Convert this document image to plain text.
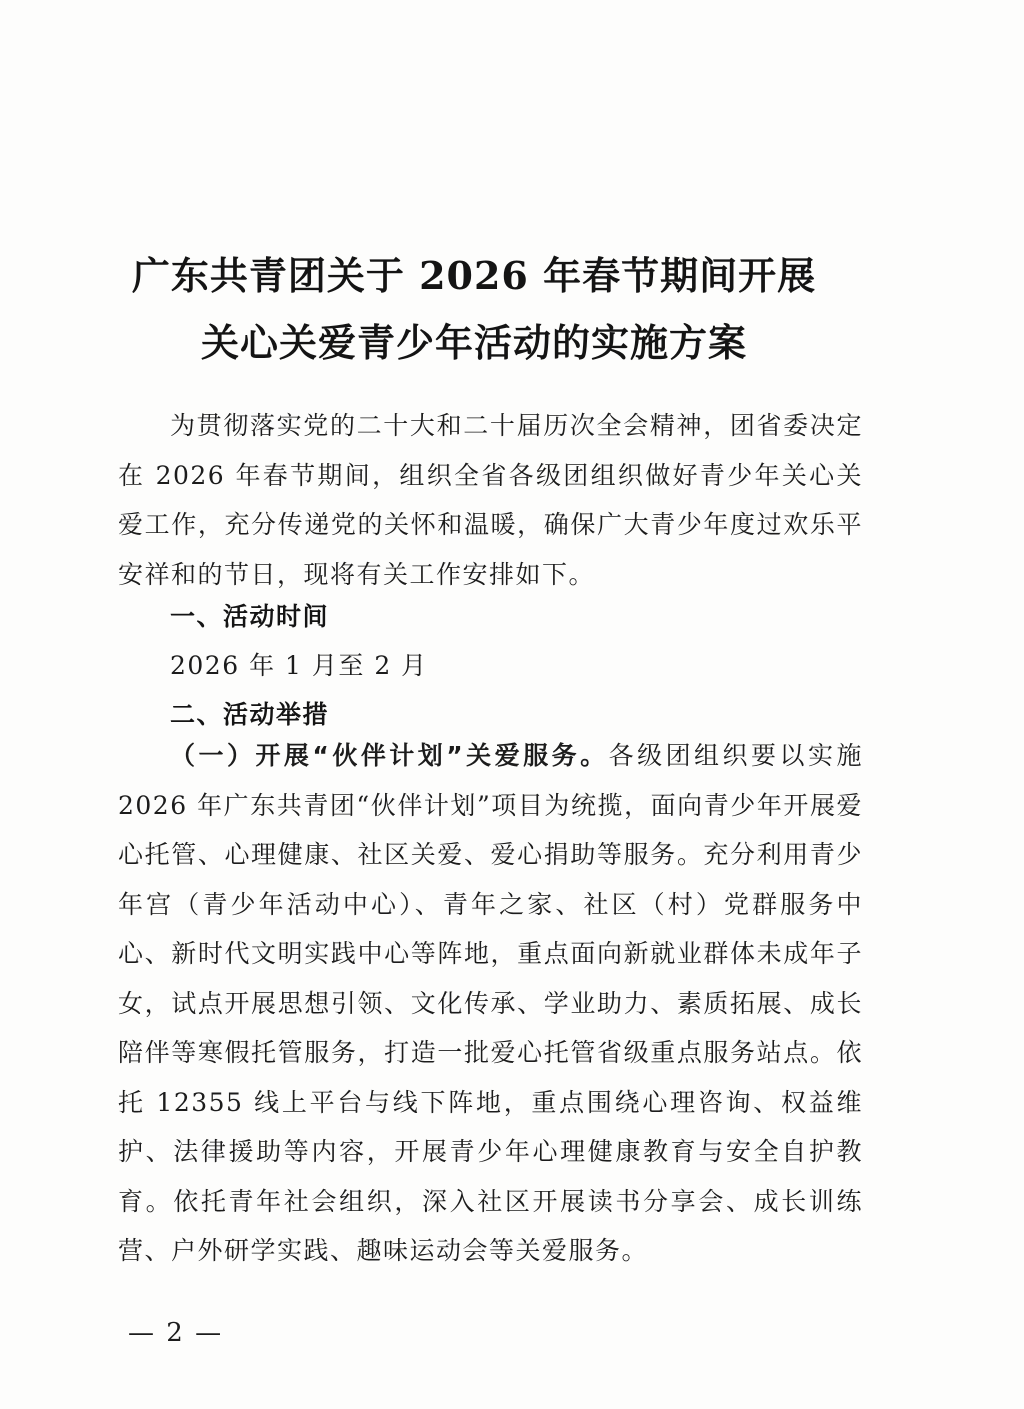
广东共青团关于 2026 年春节期间开展
关心关爱青少年活动的实施方案

为贯彻落实党的二十大和二十届历次全会精神，团省委决定在 2026 年春节期间，组织全省各级团组织做好青少年关心关爱工作，充分传递党的关怀和温暖，确保广大青少年度过欢乐平安祥和的节日，现将有关工作安排如下。

一、活动时间

2026 年 1 月至 2 月

二、活动举措

（一）开展“伙伴计划”关爱服务。各级团组织要以实施 2026 年广东共青团“伙伴计划”项目为统揽，面向青少年开展爱心托管、心理健康、社区关爱、爱心捐助等服务。充分利用青少年宫（青少年活动中心）、青年之家、社区（村）党群服务中心、新时代文明实践中心等阵地，重点面向新就业群体未成年子女，试点开展思想引领、文化传承、学业助力、素质拓展、成长陪伴等寒假托管服务，打造一批爱心托管省级重点服务站点。依托 12355 线上平台与线下阵地，重点围绕心理咨询、权益维护、法律援助等内容，开展青少年心理健康教育与安全自护教育。依托青年社会组织，深入社区开展读书分享会、成长训练营、户外研学实践、趣味运动会等关爱服务。

— 2 —
